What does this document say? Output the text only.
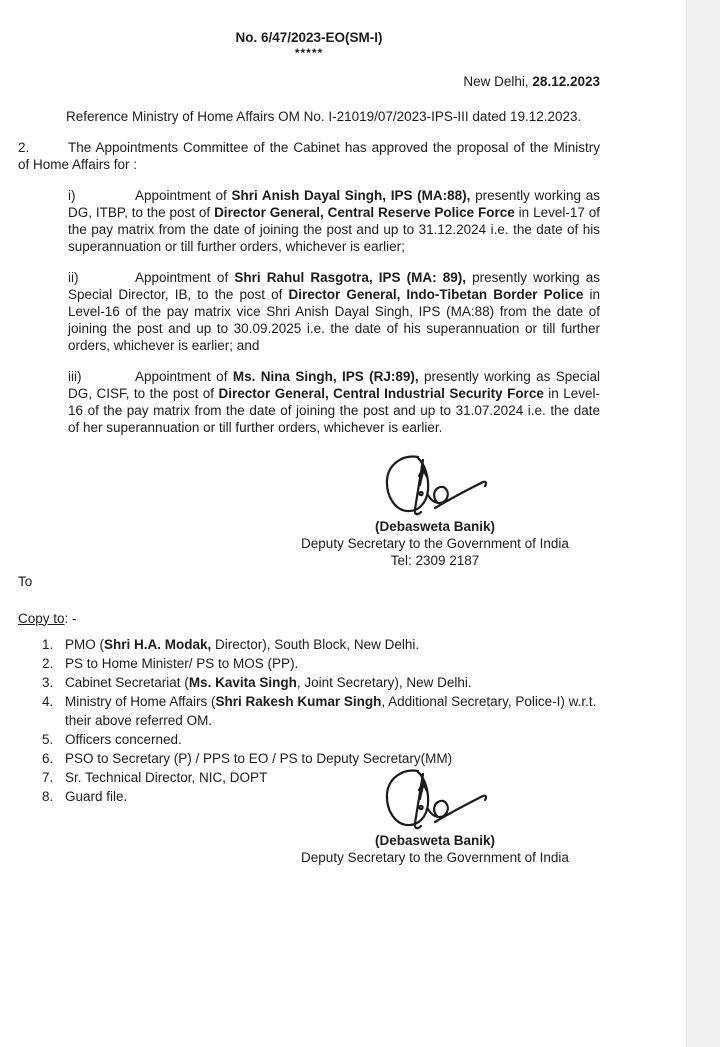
No. 6/47/2023-EO(SM-I)
*****
New Delhi, 28.12.2023
Reference Ministry of Home Affairs OM No. I-21019/07/2023-IPS-III dated 19.12.2023.
2.	The Appointments Committee of the Cabinet has approved the proposal of the Ministry of Home Affairs for :
i)	Appointment of Shri Anish Dayal Singh, IPS (MA:88), presently working as DG, ITBP, to the post of Director General, Central Reserve Police Force in Level-17 of the pay matrix from the date of joining the post and up to 31.12.2024 i.e. the date of his superannuation or till further orders, whichever is earlier;
ii)	Appointment of Shri Rahul Rasgotra, IPS (MA: 89), presently working as Special Director, IB, to the post of Director General, Indo-Tibetan Border Police in Level-16 of the pay matrix vice Shri Anish Dayal Singh, IPS (MA:88) from the date of joining the post and up to 30.09.2025 i.e. the date of his superannuation or till further orders, whichever is earlier; and
iii)	Appointment of Ms. Nina Singh, IPS (RJ:89), presently working as Special DG, CISF, to the post of Director General, Central Industrial Security Force in Level-16 of the pay matrix from the date of joining the post and up to 31.07.2024 i.e. the date of her superannuation or till further orders, whichever is earlier.
(Debasweta Banik)
Deputy Secretary to the Government of India
Tel: 2309 2187
To
Copy to: -
1. PMO (Shri H.A. Modak, Director), South Block, New Delhi.
2. PS to Home Minister/ PS to MOS (PP).
3. Cabinet Secretariat (Ms. Kavita Singh, Joint Secretary), New Delhi.
4. Ministry of Home Affairs (Shri Rakesh Kumar Singh, Additional Secretary, Police-I) w.r.t. their above referred OM.
5. Officers concerned.
6. PSO to Secretary (P) / PPS to EO / PS to Deputy Secretary(MM)
7. Sr. Technical Director, NIC, DOPT
8. Guard file.
(Debasweta Banik)
Deputy Secretary to the Government of India
